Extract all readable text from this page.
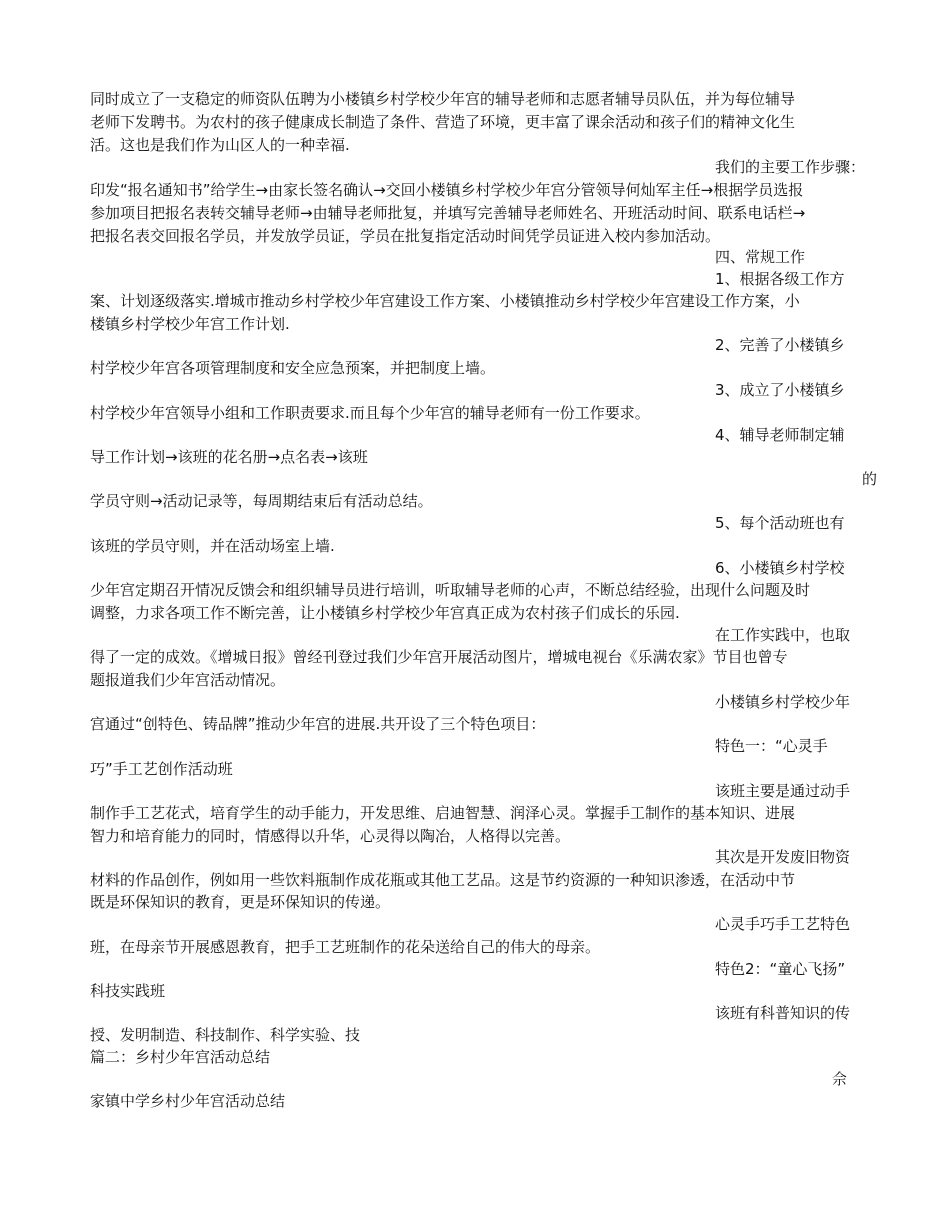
同时成立了一支稳定的师资队伍聘为小楼镇乡村学校少年宫的辅导老师和志愿者辅导员队伍，并为每位辅导

老师下发聘书。为农村的孩子健康成长制造了条件、营造了环境，更丰富了课余活动和孩子们的精神文化生

活。这也是我们作为山区人的一种幸福.

我们的主要工作步骤：

印发“报名通知书”给学生→由家长签名确认→交回小楼镇乡村学校少年宫分管领导何灿军主任→根据学员选报

参加项目把报名表转交辅导老师→由辅导老师批复，并填写完善辅导老师姓名、开班活动时间、联系电话栏→

把报名表交回报名学员，并发放学员证，学员在批复指定活动时间凭学员证进入校内参加活动。

四、常规工作

1、根据各级工作方

案、计划逐级落实.增城市推动乡村学校少年宫建设工作方案、小楼镇推动乡村学校少年宫建设工作方案，小

楼镇乡村学校少年宫工作计划.

2、完善了小楼镇乡

村学校少年宫各项管理制度和安全应急预案，并把制度上墙。

3、成立了小楼镇乡

村学校少年宫领导小组和工作职责要求.而且每个少年宫的辅导老师有一份工作要求。

4、辅导老师制定辅

导工作计划→该班的花名册→点名表→该班

的

学员守则→活动记录等，每周期结束后有活动总结。

5、每个活动班也有

该班的学员守则，并在活动场室上墙.

6、小楼镇乡村学校

少年宫定期召开情况反馈会和组织辅导员进行培训，听取辅导老师的心声，不断总结经验，出现什么问题及时

调整，力求各项工作不断完善，让小楼镇乡村学校少年宫真正成为农村孩子们成长的乐园.

在工作实践中，也取

得了一定的成效。《增城日报》曾经刊登过我们少年宫开展活动图片，增城电视台《乐满农家》节目也曾专

题报道我们少年宫活动情况。

小楼镇乡村学校少年

宫通过“创特色、铸品牌”推动少年宫的进展.共开设了三个特色项目：

特色一：“心灵手

巧”手工艺创作活动班

该班主要是通过动手

制作手工艺花式，培育学生的动手能力，开发思维、启迪智慧、润泽心灵。掌握手工制作的基本知识、进展

智力和培育能力的同时，情感得以升华，心灵得以陶冶，人格得以完善。

其次是开发废旧物资

材料的作品创作，例如用一些饮料瓶制作成花瓶或其他工艺品。这是节约资源的一种知识渗透，在活动中节

既是环保知识的教育，更是环保知识的传递。

心灵手巧手工艺特色

班，在母亲节开展感恩教育，把手工艺班制作的花朵送给自己的伟大的母亲。

特色2：“童心飞扬”

科技实践班

该班有科普知识的传

授、发明制造、科技制作、科学实验、技

篇二：乡村少年宫活动总结

佘

家镇中学乡村少年宫活动总结
